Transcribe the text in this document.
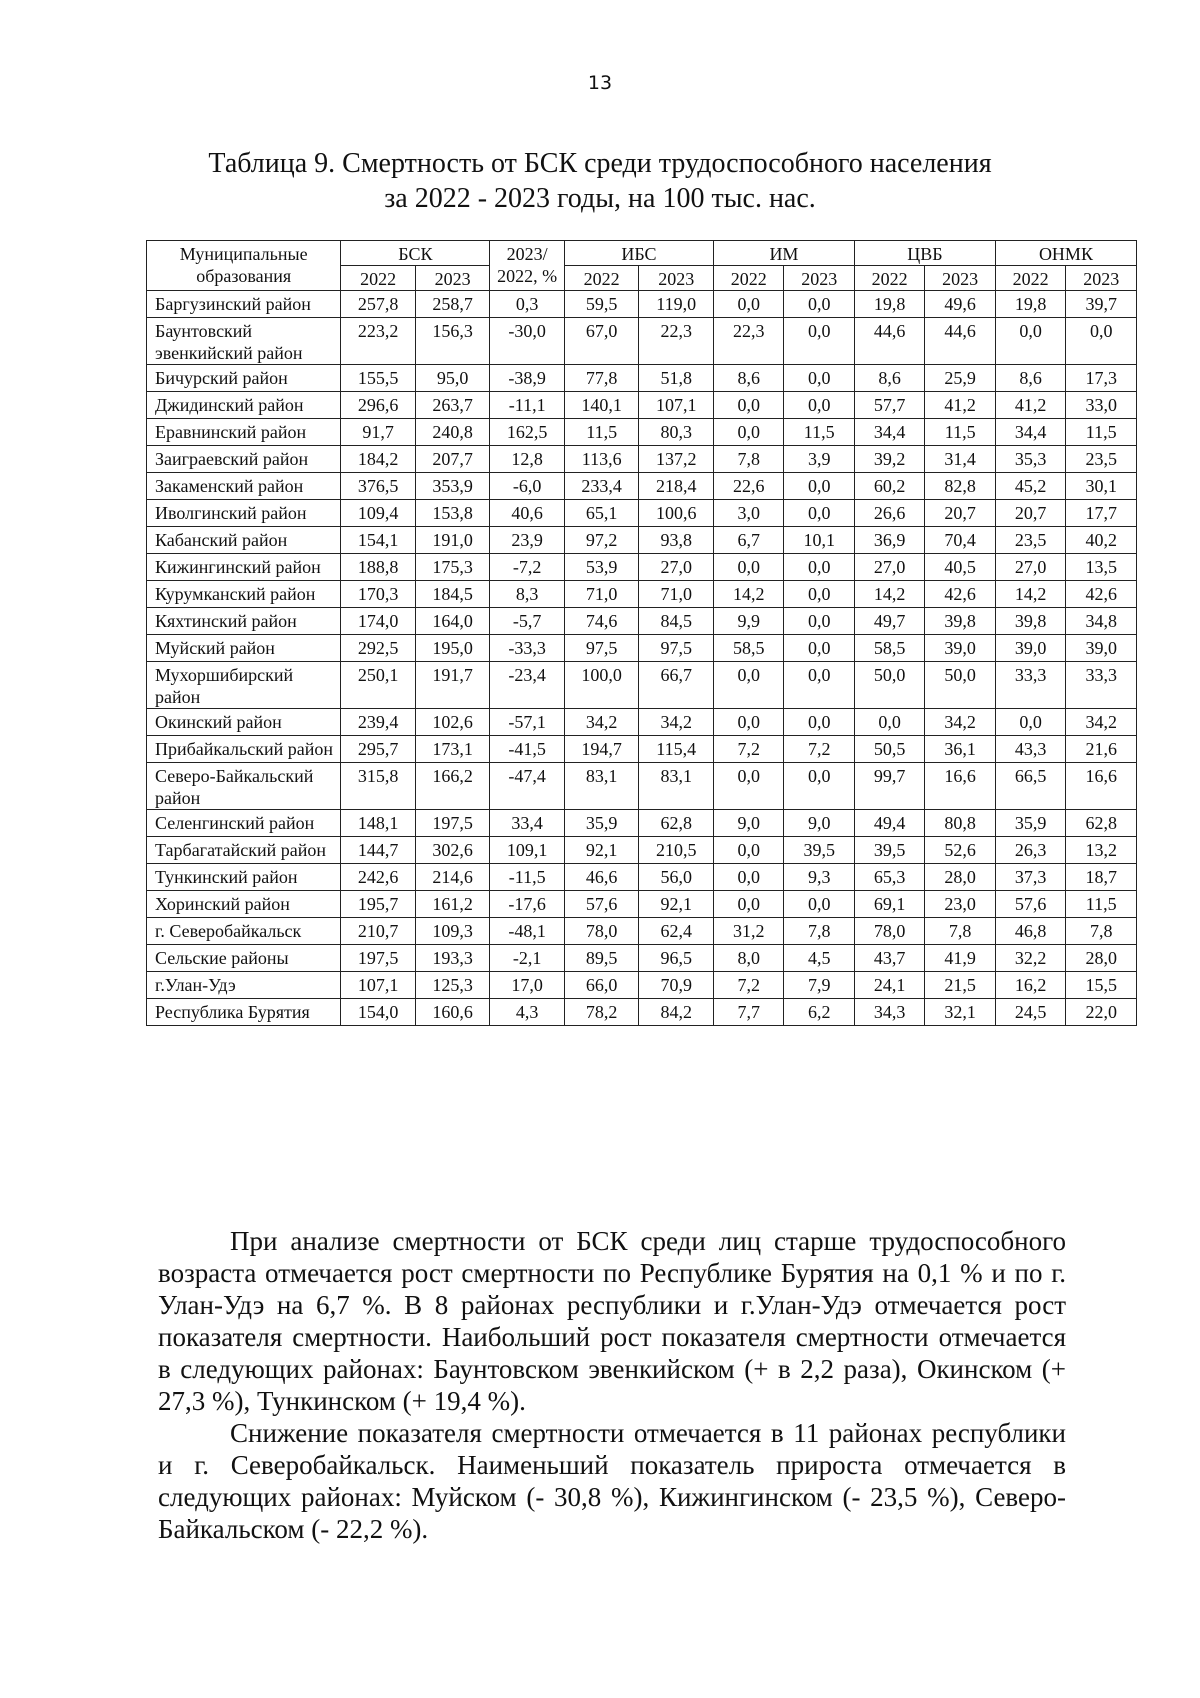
13
Таблица 9. Смертность от БСК среди трудоспособного населения
за 2022 - 2023 годы, на 100 тыс. нас.
Муниципальные образования	БСК		2023/ 2022, %	ИБС		ИМ		ЦВБ		ОНМК	
	2022	2023		2022	2023	2022	2023	2022	2023	2022	2023
Баргузинский район	257,8	258,7	0,3	59,5	119,0	0,0	0,0	19,8	49,6	19,8	39,7
Баунтовский эвенкийский район	223,2	156,3	-30,0	67,0	22,3	22,3	0,0	44,6	44,6	0,0	0,0
Бичурский район	155,5	95,0	-38,9	77,8	51,8	8,6	0,0	8,6	25,9	8,6	17,3
Джидинский район	296,6	263,7	-11,1	140,1	107,1	0,0	0,0	57,7	41,2	41,2	33,0
Еравнинский район	91,7	240,8	162,5	11,5	80,3	0,0	11,5	34,4	11,5	34,4	11,5
Заиграевский район	184,2	207,7	12,8	113,6	137,2	7,8	3,9	39,2	31,4	35,3	23,5
Закаменский район	376,5	353,9	-6,0	233,4	218,4	22,6	0,0	60,2	82,8	45,2	30,1
Иволгинский район	109,4	153,8	40,6	65,1	100,6	3,0	0,0	26,6	20,7	20,7	17,7
Кабанский район	154,1	191,0	23,9	97,2	93,8	6,7	10,1	36,9	70,4	23,5	40,2
Кижингинский район	188,8	175,3	-7,2	53,9	27,0	0,0	0,0	27,0	40,5	27,0	13,5
Курумканский район	170,3	184,5	8,3	71,0	71,0	14,2	0,0	14,2	42,6	14,2	42,6
Кяхтинский район	174,0	164,0	-5,7	74,6	84,5	9,9	0,0	49,7	39,8	39,8	34,8
Муйский район	292,5	195,0	-33,3	97,5	97,5	58,5	0,0	58,5	39,0	39,0	39,0
Мухоршибирский район	250,1	191,7	-23,4	100,0	66,7	0,0	0,0	50,0	50,0	33,3	33,3
Окинский район	239,4	102,6	-57,1	34,2	34,2	0,0	0,0	0,0	34,2	0,0	34,2
Прибайкальский район	295,7	173,1	-41,5	194,7	115,4	7,2	7,2	50,5	36,1	43,3	21,6
Северо-Байкальский район	315,8	166,2	-47,4	83,1	83,1	0,0	0,0	99,7	16,6	66,5	16,6
Селенгинский район	148,1	197,5	33,4	35,9	62,8	9,0	9,0	49,4	80,8	35,9	62,8
Тарбагатайский район	144,7	302,6	109,1	92,1	210,5	0,0	39,5	39,5	52,6	26,3	13,2
Тункинский район	242,6	214,6	-11,5	46,6	56,0	0,0	9,3	65,3	28,0	37,3	18,7
Хоринский район	195,7	161,2	-17,6	57,6	92,1	0,0	0,0	69,1	23,0	57,6	11,5
г. Северобайкальск	210,7	109,3	-48,1	78,0	62,4	31,2	7,8	78,0	7,8	46,8	7,8
Сельские районы	197,5	193,3	-2,1	89,5	96,5	8,0	4,5	43,7	41,9	32,2	28,0
г.Улан-Удэ	107,1	125,3	17,0	66,0	70,9	7,2	7,9	24,1	21,5	16,2	15,5
Республика Бурятия	154,0	160,6	4,3	78,2	84,2	7,7	6,2	34,3	32,1	24,5	22,0

При анализе смертности от БСК среди лиц старше трудоспособного возраста отмечается рост смертности по Республике Бурятия на 0,1 % и по г. Улан-Удэ на 6,7 %. В 8 районах республики и г.Улан-Удэ отмечается рост показателя смертности. Наибольший рост показателя смертности отмечается в следующих районах: Баунтовском эвенкийском (+ в 2,2 раза), Окинском (+ 27,3 %), Тункинском (+ 19,4 %).

Снижение показателя смертности отмечается в 11 районах республики и г. Северобайкальск. Наименьший показатель прироста отмечается в следующих районах: Муйском (- 30,8 %), Кижингинском (- 23,5 %), Северо-Байкальском (- 22,2 %).
